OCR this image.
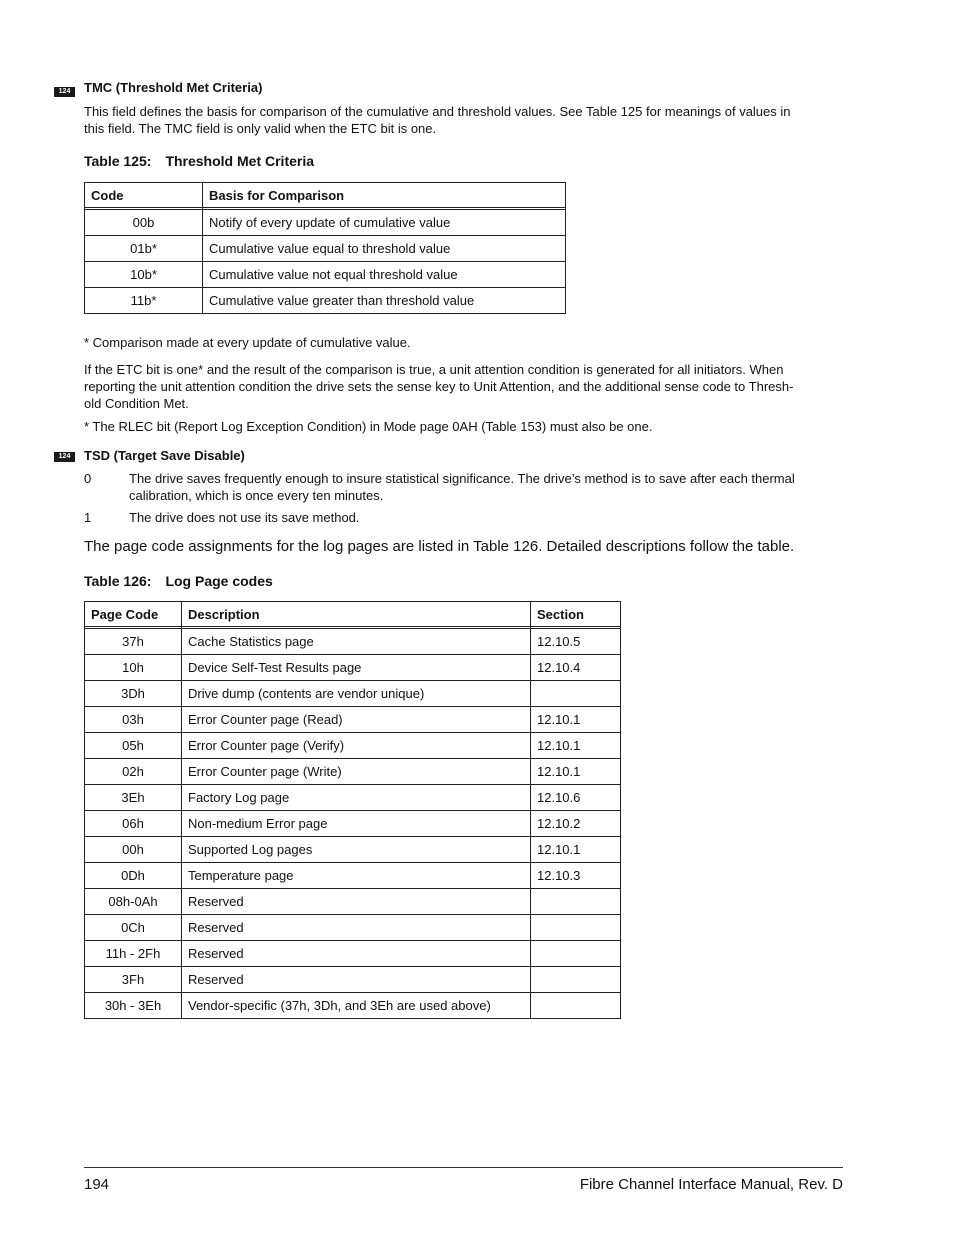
124	TMC (Threshold Met Criteria)
This field defines the basis for comparison of the cumulative and threshold values. See Table 125 for meanings of values in
this field. The TMC field is only valid when the ETC bit is one.
Table 125: Threshold Met Criteria
Code	Basis for Comparison

00b	Notify of every update of cumulative value
01b*	Cumulative value equal to threshold value
10b*	Cumulative value not equal threshold value
11b*	Cumulative value greater than threshold value
* Comparison made at every update of cumulative value.
If the ETC bit is one* and the result of the comparison is true, a unit attention condition is generated for all initiators. When
reporting the unit attention condition the drive sets the sense key to Unit Attention, and the additional sense code to Thresh-
old Condition Met.
* The RLEC bit (Report Log Exception Condition) in Mode page 0AH (Table 153) must also be one.
124	TSD (Target Save Disable)
0	The drive saves frequently enough to insure statistical significance. The drive’s method is to save after each thermal
calibration, which is once every ten minutes.
1	The drive does not use its save method.
The page code assignments for the log pages are listed in Table 126. Detailed descriptions follow the table.
Table 126: Log Page codes
Page Code	Description	Section

37h	Cache Statistics page	12.10.5
10h	Device Self-Test Results page	12.10.4
3Dh	Drive dump (contents are vendor unique)	
03h	Error Counter page (Read)	12.10.1
05h	Error Counter page (Verify)	12.10.1
02h	Error Counter page (Write)	12.10.1
3Eh	Factory Log page	12.10.6
06h	Non-medium Error page	12.10.2
00h	Supported Log pages	12.10.1
0Dh	Temperature page	12.10.3
08h-0Ah	Reserved	
0Ch	Reserved	
11h - 2Fh	Reserved	
3Fh	Reserved	
30h - 3Eh	Vendor-specific (37h, 3Dh, and 3Eh are used above)	
194	Fibre Channel Interface Manual, Rev. D
